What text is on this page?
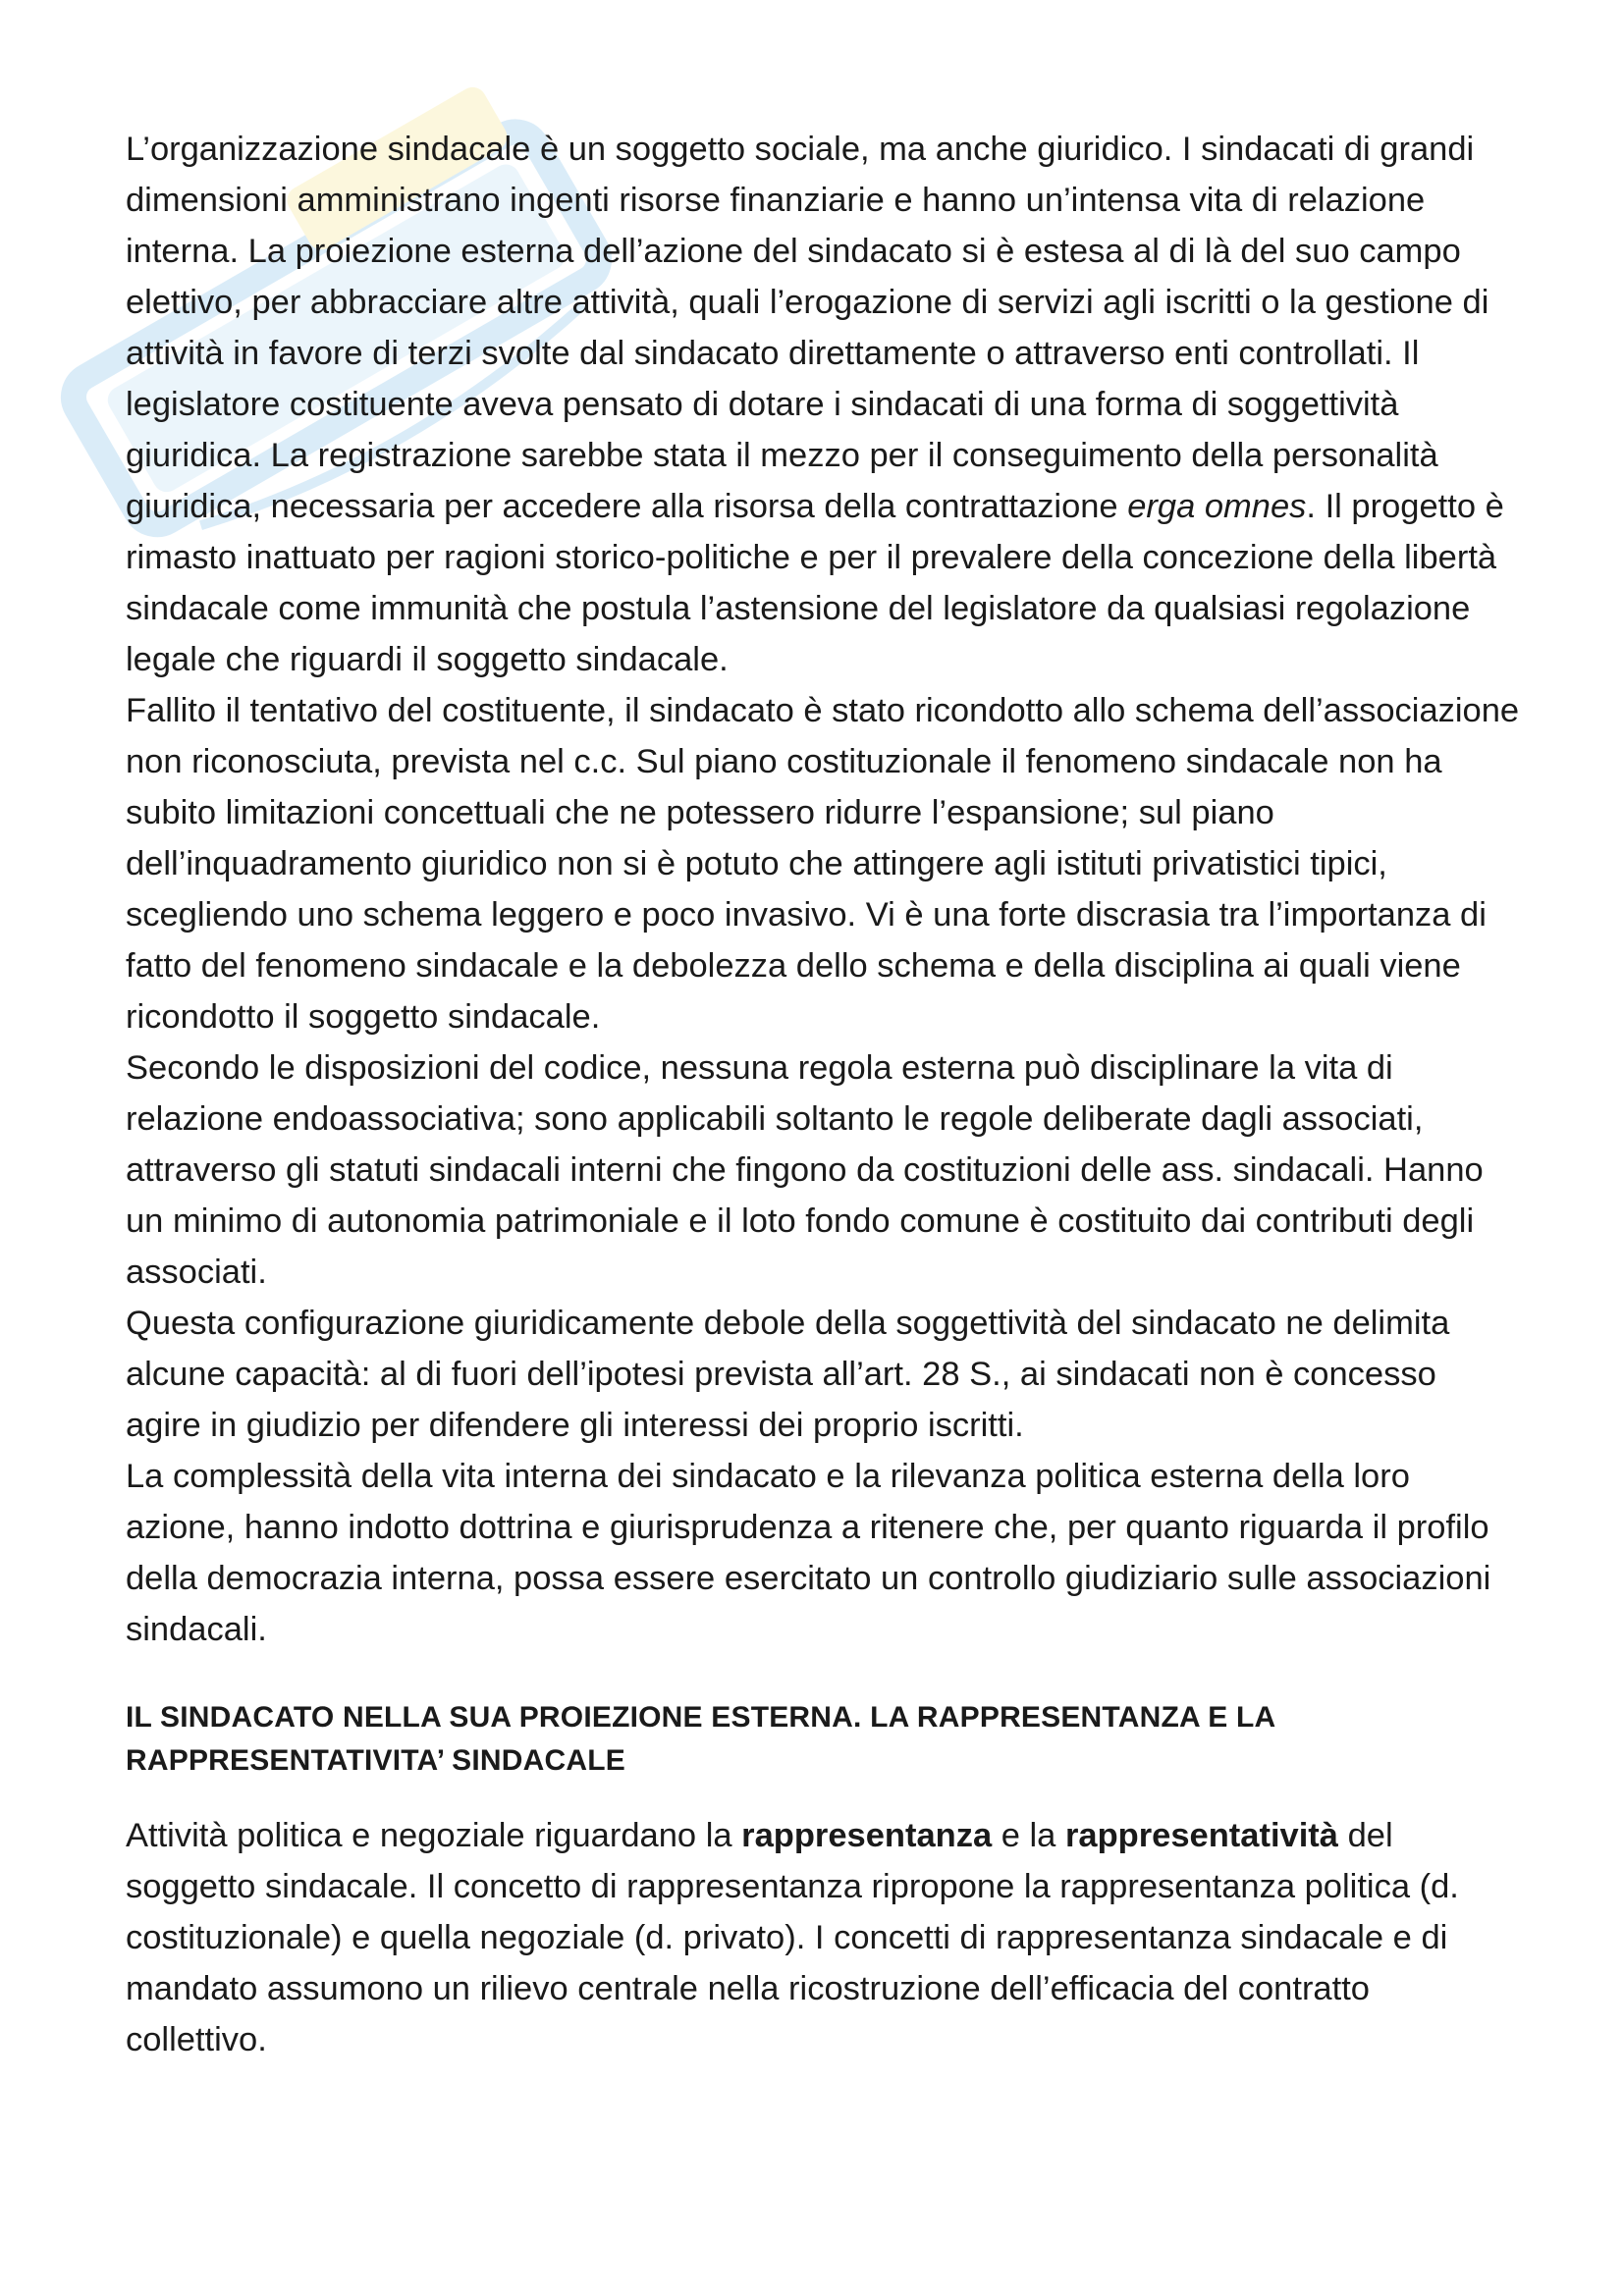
L’organizzazione sindacale è un soggetto sociale, ma anche giuridico. I sindacati di grandi dimensioni amministrano ingenti risorse finanziarie e hanno un’intensa vita di relazione interna. La proiezione esterna dell’azione del sindacato si è estesa al di là del suo campo elettivo, per abbracciare altre attività, quali l’erogazione di servizi agli iscritti o la gestione di attività in favore di terzi svolte dal sindacato direttamente o attraverso enti controllati. Il legislatore costituente aveva pensato di dotare i sindacati di una forma di soggettività giuridica. La registrazione sarebbe stata il mezzo per il conseguimento della personalità giuridica, necessaria per accedere alla risorsa della contrattazione erga omnes. Il progetto è rimasto inattuato per ragioni storico-politiche e per il prevalere della concezione della libertà sindacale come immunità che postula l’astensione del legislatore da qualsiasi regolazione legale che riguardi il soggetto sindacale.

Fallito il tentativo del costituente, il sindacato è stato ricondotto allo schema dell’associazione non riconosciuta, prevista nel c.c. Sul piano costituzionale il fenomeno sindacale non ha subito limitazioni concettuali che ne potessero ridurre l’espansione; sul piano dell’inquadramento giuridico non si è potuto che attingere agli istituti privatistici tipici, scegliendo uno schema leggero e poco invasivo. Vi è una forte discrasia tra l’importanza di fatto del fenomeno sindacale e la debolezza dello schema e della disciplina ai quali viene ricondotto il soggetto sindacale.

Secondo le disposizioni del codice, nessuna regola esterna può disciplinare la vita di relazione endoassociativa; sono applicabili soltanto le regole deliberate dagli associati, attraverso gli statuti sindacali interni che fingono da costituzioni delle ass. sindacali. Hanno un minimo di autonomia patrimoniale e il loto fondo comune è costituito dai contributi degli associati.

Questa configurazione giuridicamente debole della soggettività del sindacato ne delimita alcune capacità: al di fuori dell’ipotesi prevista all’art. 28 S., ai sindacati non è concesso agire in giudizio per difendere gli interessi dei proprio iscritti.

La complessità della vita interna dei sindacato e la rilevanza politica esterna della loro azione, hanno indotto dottrina e giurisprudenza a ritenere che, per quanto riguarda il profilo della democrazia interna, possa essere esercitato un controllo giudiziario sulle associazioni sindacali.

IL SINDACATO NELLA SUA PROIEZIONE ESTERNA. LA RAPPRESENTANZA E LA RAPPRESENTATIVITA’ SINDACALE

Attività politica e negoziale riguardano la rappresentanza e la rappresentatività del soggetto sindacale. Il concetto di rappresentanza ripropone la rappresentanza politica (d. costituzionale) e quella negoziale (d. privato). I concetti di rappresentanza sindacale e di mandato assumono un rilievo centrale nella ricostruzione dell’efficacia del contratto collettivo.
